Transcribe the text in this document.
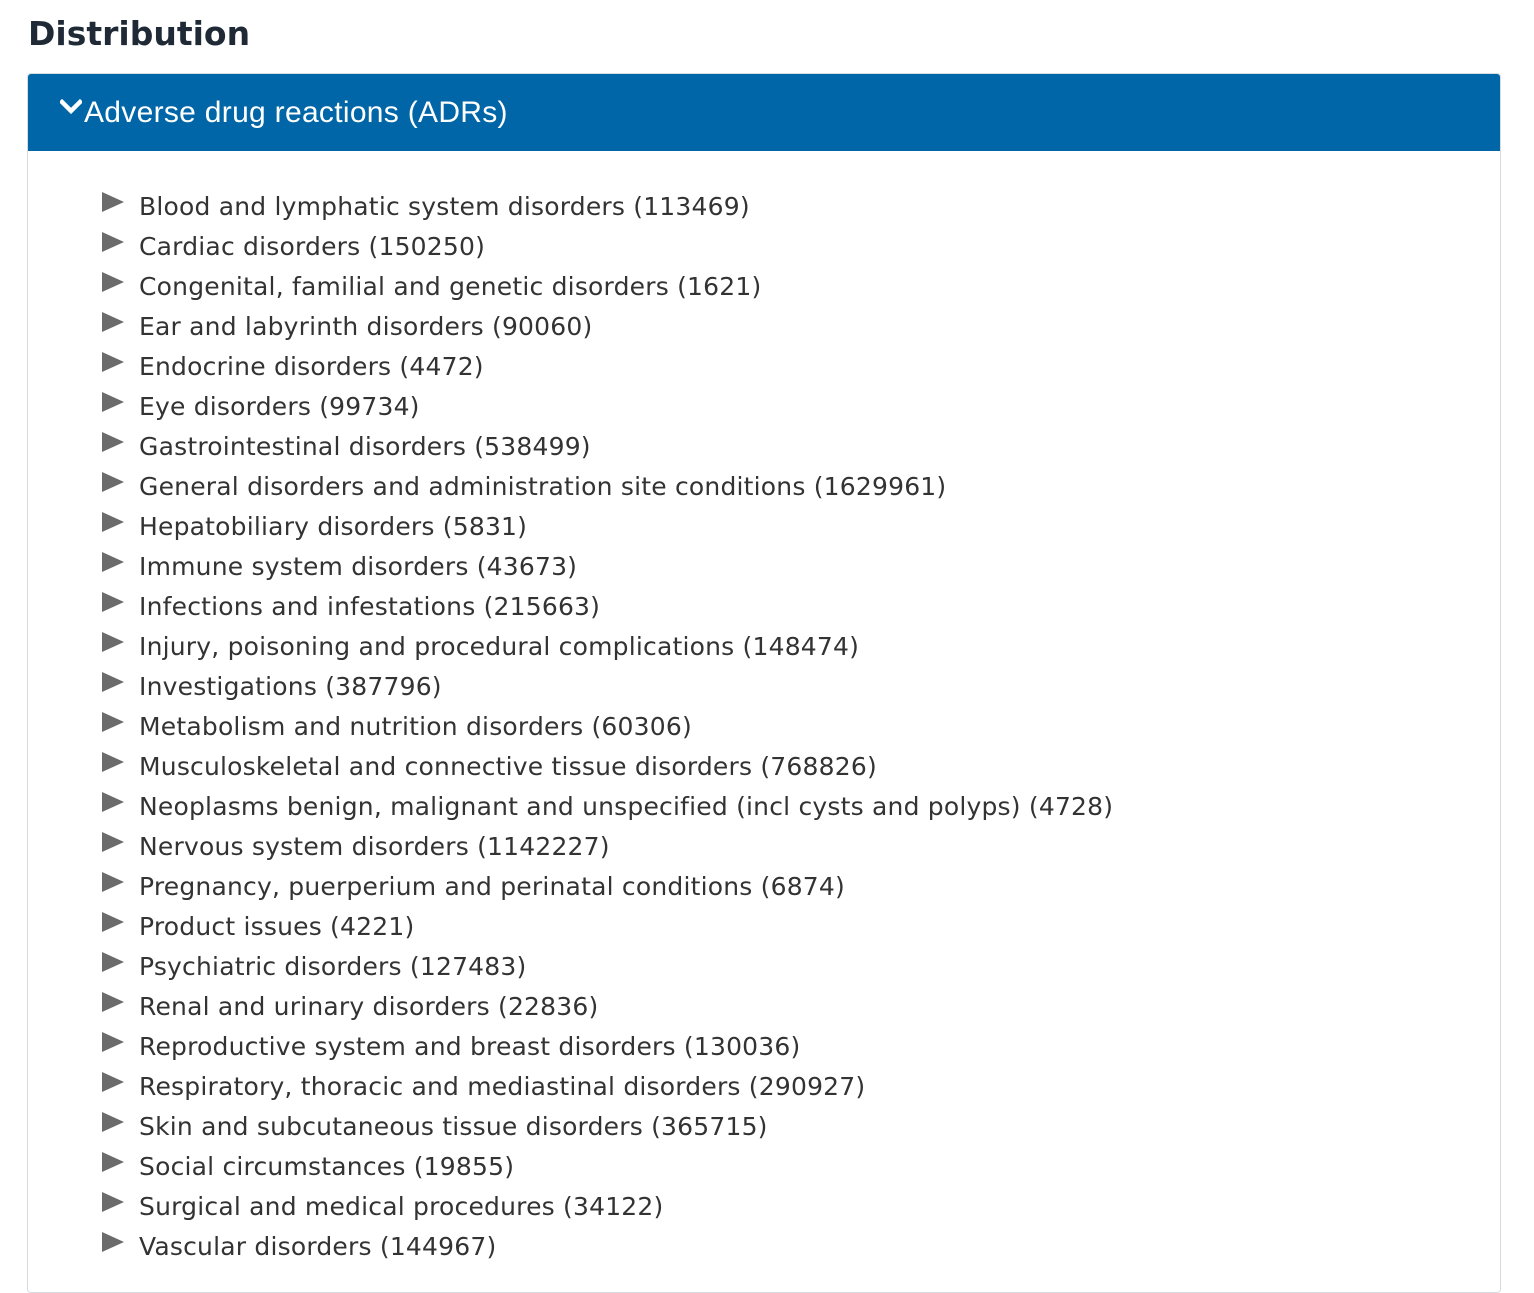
Distribution
Adverse drug reactions (ADRs)
Blood and lymphatic system disorders (113469)
Cardiac disorders (150250)
Congenital, familial and genetic disorders (1621)
Ear and labyrinth disorders (90060)
Endocrine disorders (4472)
Eye disorders (99734)
Gastrointestinal disorders (538499)
General disorders and administration site conditions (1629961)
Hepatobiliary disorders (5831)
Immune system disorders (43673)
Infections and infestations (215663)
Injury, poisoning and procedural complications (148474)
Investigations (387796)
Metabolism and nutrition disorders (60306)
Musculoskeletal and connective tissue disorders (768826)
Neoplasms benign, malignant and unspecified (incl cysts and polyps) (4728)
Nervous system disorders (1142227)
Pregnancy, puerperium and perinatal conditions (6874)
Product issues (4221)
Psychiatric disorders (127483)
Renal and urinary disorders (22836)
Reproductive system and breast disorders (130036)
Respiratory, thoracic and mediastinal disorders (290927)
Skin and subcutaneous tissue disorders (365715)
Social circumstances (19855)
Surgical and medical procedures (34122)
Vascular disorders (144967)
